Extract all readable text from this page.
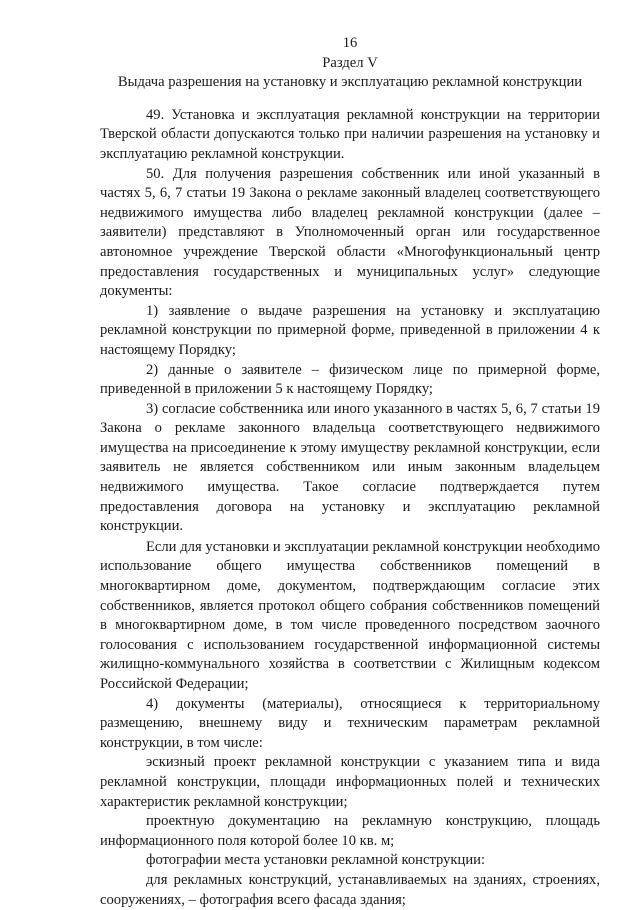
16
Раздел V
Выдача разрешения на установку и эксплуатацию рекламной конструкции

49. Установка и эксплуатация рекламной конструкции на территории Тверской области допускаются только при наличии разрешения на установку и эксплуатацию рекламной конструкции.

50. Для получения разрешения собственник или иной указанный в частях 5, 6, 7 статьи 19 Закона о рекламе законный владелец соответствующего недвижимого имущества либо владелец рекламной конструкции (далее – заявители) представляют в Уполномоченный орган или государственное автономное учреждение Тверской области «Многофункциональный центр предоставления государственных и муниципальных услуг» следующие документы:

1) заявление о выдаче разрешения на установку и эксплуатацию рекламной конструкции по примерной форме, приведенной в приложении 4 к настоящему Порядку;

2) данные о заявителе – физическом лице по примерной форме, приведенной в приложении 5 к настоящему Порядку;

3) согласие собственника или иного указанного в частях 5, 6, 7 статьи 19 Закона о рекламе законного владельца соответствующего недвижимого имущества на присоединение к этому имуществу рекламной конструкции, если заявитель не является собственником или иным законным владельцем недвижимого имущества. Такое согласие подтверждается путем предоставления договора на установку и эксплуатацию рекламной конструкции.

Если для установки и эксплуатации рекламной конструкции необходимо использование общего имущества собственников помещений в многоквартирном доме, документом, подтверждающим согласие этих собственников, является протокол общего собрания собственников помещений в многоквартирном доме, в том числе проведенного посредством заочного голосования с использованием государственной информационной системы жилищно-коммунального хозяйства в соответствии с Жилищным кодексом Российской Федерации;

4) документы (материалы), относящиеся к территориальному размещению, внешнему виду и техническим параметрам рекламной конструкции, в том числе:

эскизный проект рекламной конструкции с указанием типа и вида рекламной конструкции, площади информационных полей и технических характеристик рекламной конструкции;

проектную документацию на рекламную конструкцию, площадь информационного поля которой более 10 кв. м;

фотографии места установки рекламной конструкции:

для рекламных конструкций, устанавливаемых на зданиях, строениях, сооружениях, – фотография всего фасада здания;
